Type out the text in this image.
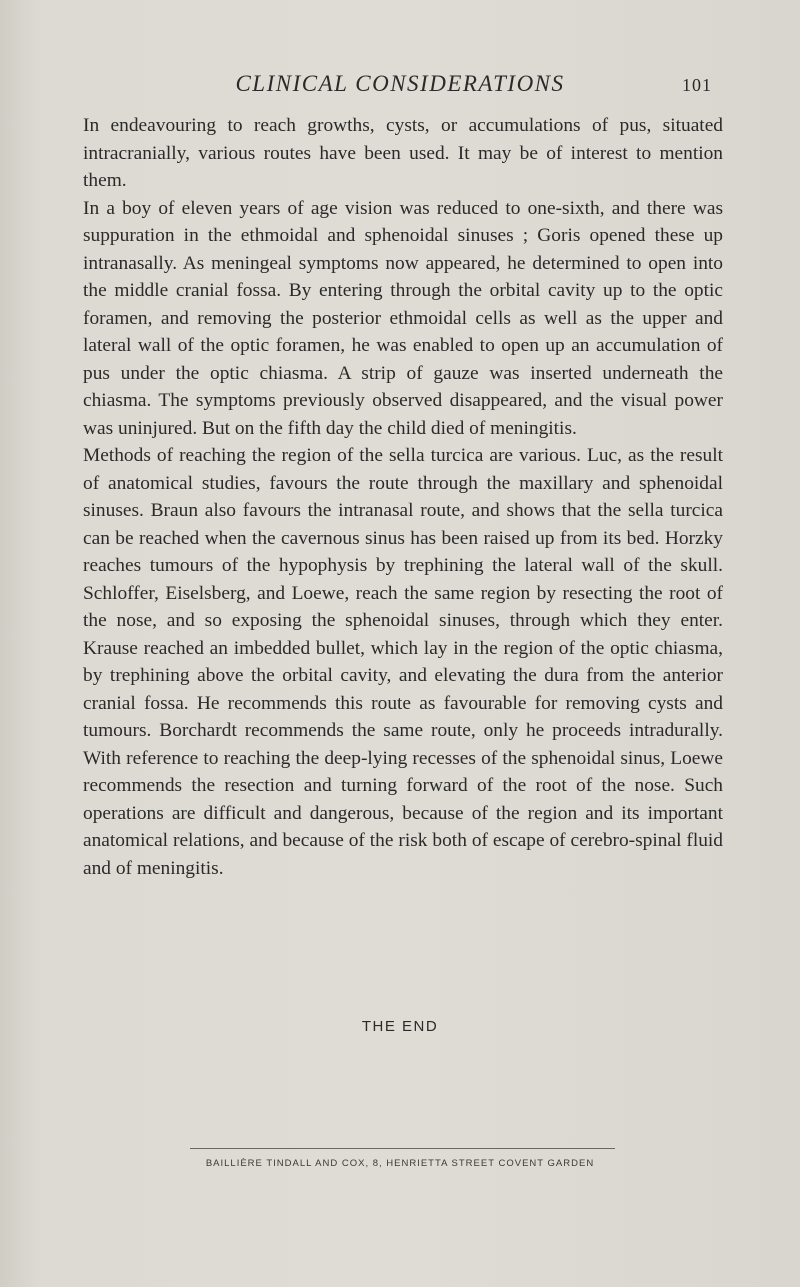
CLINICAL CONSIDERATIONS	101

In endeavouring to reach growths, cysts, or accumulations of pus, situated intracranially, various routes have been used. It may be of interest to mention them.

In a boy of eleven years of age vision was reduced to one-sixth, and there was suppuration in the ethmoidal and sphenoidal sinuses ; Goris opened these up intranasally. As meningeal symptoms now appeared, he determined to open into the middle cranial fossa. By entering through the orbital cavity up to the optic foramen, and removing the posterior ethmoidal cells as well as the upper and lateral wall of the optic foramen, he was enabled to open up an accumulation of pus under the optic chiasma. A strip of gauze was inserted underneath the chiasma. The symptoms previously observed disappeared, and the visual power was uninjured. But on the fifth day the child died of meningitis.

Methods of reaching the region of the sella turcica are various. Luc, as the result of anatomical studies, favours the route through the maxillary and sphenoidal sinuses. Braun also favours the intranasal route, and shows that the sella turcica can be reached when the cavernous sinus has been raised up from its bed. Horzky reaches tumours of the hypophysis by trephining the lateral wall of the skull. Schloffer, Eiselsberg, and Loewe, reach the same region by resecting the root of the nose, and so exposing the sphenoidal sinuses, through which they enter. Krause reached an imbedded bullet, which lay in the region of the optic chiasma, by trephining above the orbital cavity, and elevating the dura from the anterior cranial fossa. He recommends this route as favourable for removing cysts and tumours. Borchardt recommends the same route, only he proceeds intradurally. With reference to reaching the deep-lying recesses of the sphenoidal sinus, Loewe recommends the resection and turning forward of the root of the nose. Such operations are difficult and dangerous, because of the region and its important anatomical relations, and because of the risk both of escape of cerebro-spinal fluid and of meningitis.

THE END
BAILLIÈRE TINDALL AND COX, 8, HENRIETTA STREET COVENT GARDEN
